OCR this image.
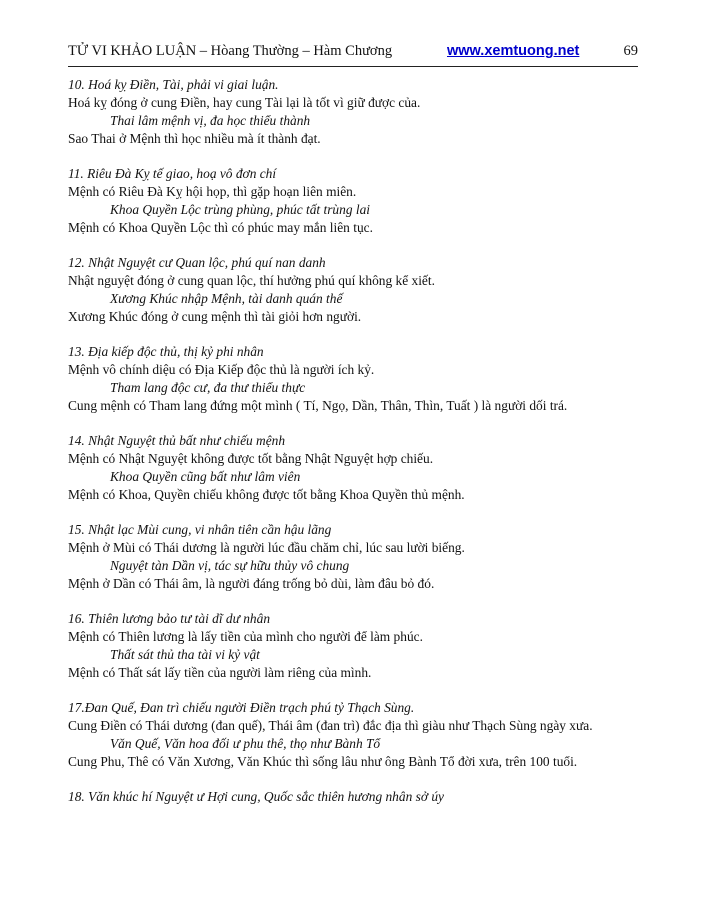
TỬ VI KHẢO LUẬN – Hòang Thường – Hàm Chương	www.xemtuong.net	69
10. Hoá kỵ Điền, Tài, phải vi giai luận.
Hoá kỵ đóng ở cung Điền, hay cung Tài lại là tốt vì giữ được của.
Thai lâm mệnh vị, đa học thiểu thành
Sao Thai ở Mệnh thì học nhiều mà ít thành đạt.
11. Riêu Đà Kỵ tế giao, hoạ vô đơn chí
Mệnh có Riêu Đà Kỵ hội họp, thì gặp hoạn liên miên.
Khoa Quyền Lộc trùng phùng, phúc tất trùng lai
Mệnh có Khoa Quyền Lộc thì có phúc may mắn liên tục.
12. Nhật Nguyệt cư Quan lộc, phú quí nan danh
Nhật nguyệt đóng ở cung quan lộc, thí hưởng phú quí không kể xiết.
Xương Khúc nhập Mệnh, tài danh quán thế
Xương Khúc đóng ở cung mệnh thì tài giỏi hơn người.
13. Địa kiếp độc thủ, thị kỷ phi nhân
Mệnh vô chính diệu có Địa Kiếp độc thủ là người ích kỷ.
Tham lang độc cư, đa thư thiểu thực
Cung mệnh có Tham lang đứng một mình ( Tí, Ngọ, Dần, Thân, Thìn, Tuất ) là người dối trá.
14. Nhật Nguyệt thủ bất như chiếu mệnh
Mệnh có Nhật Nguyệt không được tốt bằng Nhật Nguyệt hợp chiếu.
Khoa Quyền cũng bất như lâm viên
Mệnh có Khoa, Quyền chiếu không được tốt bằng Khoa Quyền thủ mệnh.
15. Nhật lạc Mùi cung, vi nhân tiên cần hậu lãng
Mệnh ở Mùi có Thái dương là người lúc đầu chăm chỉ, lúc sau lười biếng.
Nguyệt tàn Dần vị, tác sự hữu thủy vô chung
Mệnh ở Dần có Thái âm, là người đáng trống bỏ dùi, làm đâu bỏ đó.
16. Thiên lương bảo tư tài dĩ dư nhân
Mệnh có Thiên lương là lấy tiền của mình cho người để làm phúc.
Thất sát thủ tha tài vi kỷ vật
Mệnh có Thất sát lấy tiền của người làm riêng của mình.
17.Đan Quế, Đan trì chiếu người Điền trạch phú tỷ Thạch Sùng.
Cung Điền có Thái dương (đan quế), Thái âm (đan trì) đắc địa thì giàu như Thạch Sùng ngày xưa.
Văn Quế, Văn hoa đối ư phu thê, thọ như Bành Tổ
Cung Phu, Thê có Văn Xương, Văn Khúc thì sống lâu như ông Bành Tổ đời xưa, trên 100 tuổi.
18. Văn khúc hí Nguyệt ư Hợi cung, Quốc sắc thiên hương nhân sở úy
